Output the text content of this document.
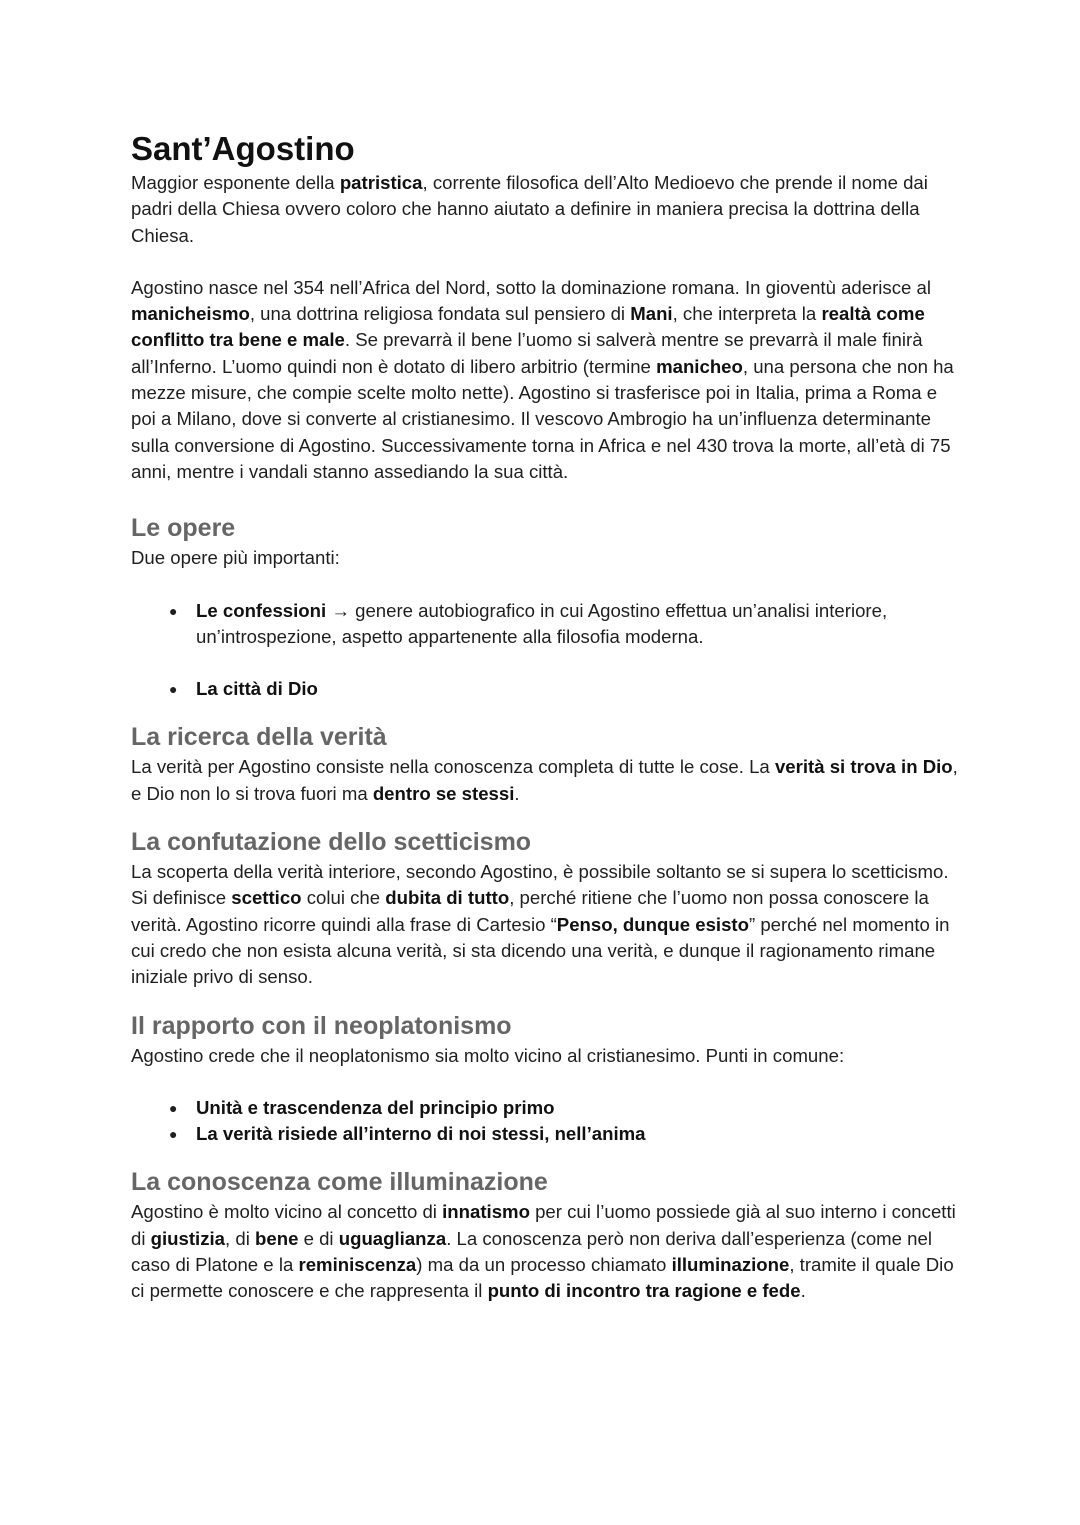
Sant’Agostino

Maggior esponente della patristica, corrente filosofica dell’Alto Medioevo che prende il nome dai padri della Chiesa ovvero coloro che hanno aiutato a definire in maniera precisa la dottrina della Chiesa.

Agostino nasce nel 354 nell’Africa del Nord, sotto la dominazione romana. In gioventù aderisce al manicheismo, una dottrina religiosa fondata sul pensiero di Mani, che interpreta la realtà come conflitto tra bene e male. Se prevarrà il bene l’uomo si salverà mentre se prevarrà il male finirà all’Inferno. L’uomo quindi non è dotato di libero arbitrio (termine manicheo, una persona che non ha mezze misure, che compie scelte molto nette). Agostino si trasferisce poi in Italia, prima a Roma e poi a Milano, dove si converte al cristianesimo. Il vescovo Ambrogio ha un’influenza determinante sulla conversione di Agostino. Successivamente torna in Africa e nel 430 trova la morte, all’età di 75 anni, mentre i vandali stanno assediando la sua città.

Le opere

Due opere più importanti:

● Le confessioni → genere autobiografico in cui Agostino effettua un’analisi interiore, un’introspezione, aspetto appartenente alla filosofia moderna.
● La città di Dio
La ricerca della verità

La verità per Agostino consiste nella conoscenza completa di tutte le cose. La verità si trova in Dio, e Dio non lo si trova fuori ma dentro se stessi.

La confutazione dello scetticismo

La scoperta della verità interiore, secondo Agostino, è possibile soltanto se si supera lo scetticismo. Si definisce scettico colui che dubita di tutto, perché ritiene che l’uomo non possa conoscere la verità. Agostino ricorre quindi alla frase di Cartesio “Penso, dunque esisto” perché nel momento in cui credo che non esista alcuna verità, si sta dicendo una verità, e dunque il ragionamento rimane iniziale privo di senso.

Il rapporto con il neoplatonismo

Agostino crede che il neoplatonismo sia molto vicino al cristianesimo. Punti in comune:

● Unità e trascendenza del principio primo
● La verità risiede all’interno di noi stessi, nell’anima
La conoscenza come illuminazione

Agostino è molto vicino al concetto di innatismo per cui l’uomo possiede già al suo interno i concetti di giustizia, di bene e di uguaglianza. La conoscenza però non deriva dall’esperienza (come nel caso di Platone e la reminiscenza) ma da un processo chiamato illuminazione, tramite il quale Dio ci permette conoscere e che rappresenta il punto di incontro tra ragione e fede.
